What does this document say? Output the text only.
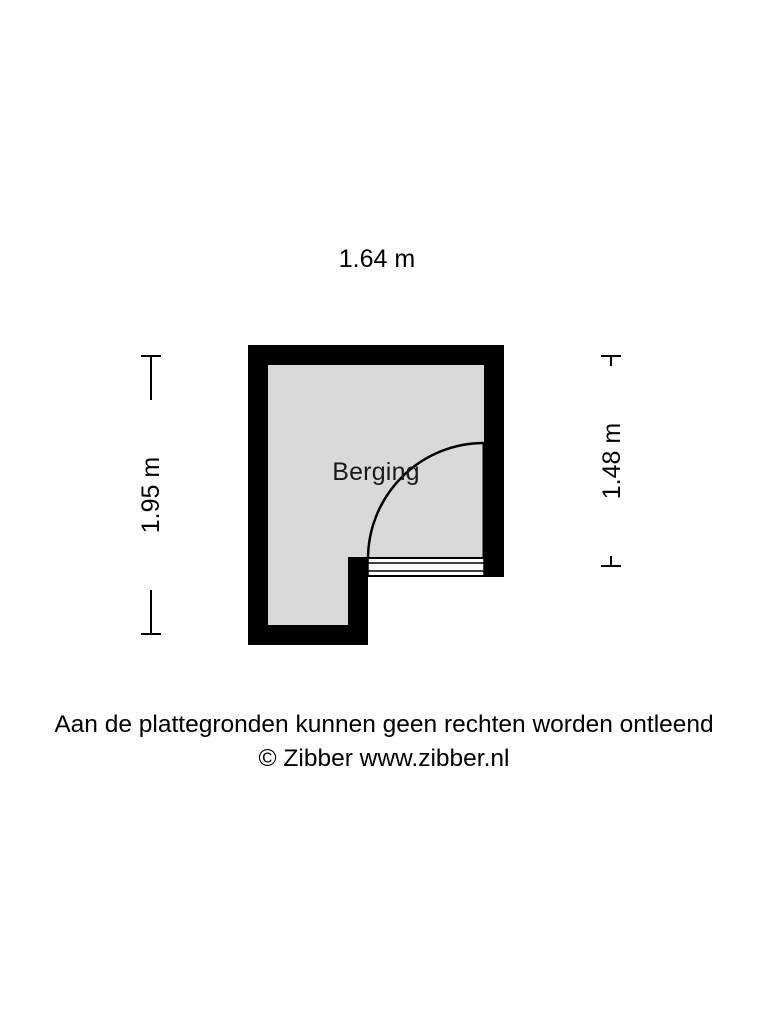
1.64 m
1.95 m	1.48 m
Berging
Aan de plattegronden kunnen geen rechten worden ontleend
© Zibber www.zibber.nl
